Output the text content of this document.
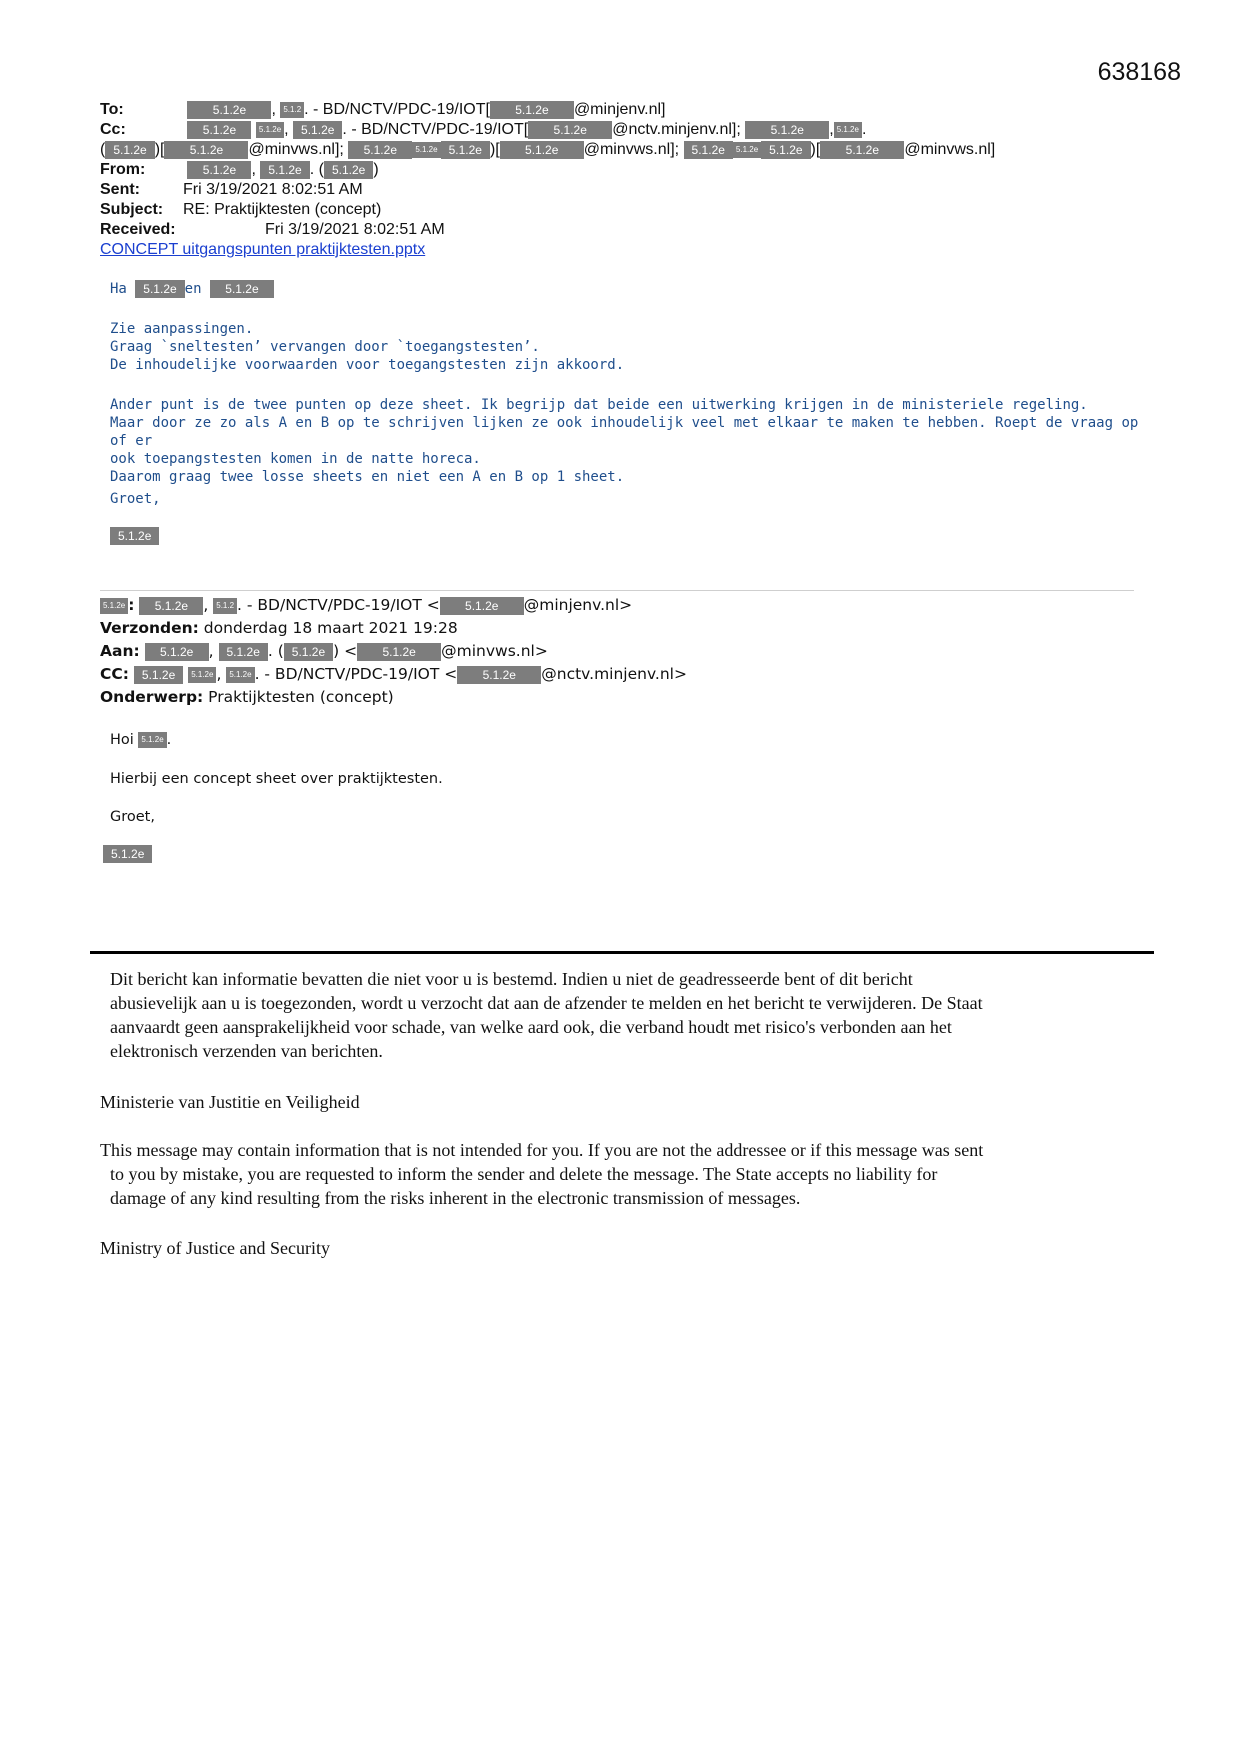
638168
To:	5.1.2e , 5.1.2 . - BD/NCTV/PDC-19/IOT[ 5.1.2e @minjenv.nl]
Cc:	5.1.2e	5.1.2e , 5.1.2e . - BD/NCTV/PDC-19/IOT[ 5.1.2e @nctv.minjenv.nl]; 5.1.2e , 5.1.2e .
( 5.1.2e )[ 5.1.2e @minvws.nl]; 5.1.2e 5.1.2e 5.1.2e )[ 5.1.2e @minvws.nl]; 5.1.2e 5.1.2e 5.1.2e )[ 5.1.2e @minvws.nl]
From:	5.1.2e , 5.1.2e . ( 5.1.2e )
Sent:	Fri 3/19/2021 8:02:51 AM
Subject: RE: Praktijktesten (concept)
Received:	Fri 3/19/2021 8:02:51 AM
CONCEPT uitgangspunten praktijktesten.pptx

Ha 5.1.2e en 5.1.2e

Zie aanpassingen.

Graag `sneltesten’ vervangen door `toegangstesten’.

De inhoudelijke voorwaarden voor toegangstesten zijn akkoord.

Ander punt is de twee punten op deze sheet. Ik begrijp dat beide een uitwerking krijgen in de ministeriele regeling.

Maar door ze zo als A en B op te schrijven lijken ze ook inhoudelijk veel met elkaar te maken te hebben. Roept de vraag op of er

ook toepangstesten komen in de natte horeca.

Daarom graag twee losse sheets en niet een A en B op 1 sheet.

Groet,

5.1.2e
5.1.2e : 5.1.2e , 5.1.2 . - BD/NCTV/PDC-19/IOT < 5.1.2e @minjenv.nl>
Verzonden: donderdag 18 maart 2021 19:28
Aan: 5.1.2e , 5.1.2e . ( 5.1.2e ) < 5.1.2e @minvws.nl>
CC: 5.1.2e 5.1.2e , 5.1.2e . - BD/NCTV/PDC-19/IOT < 5.1.2e @nctv.minjenv.nl>
Onderwerp: Praktijktesten (concept)
Hoi 5.1.2e .
Hierbij een concept sheet over praktijktesten.
Groet,
5.1.2e
Dit bericht kan informatie bevatten die niet voor u is bestemd. Indien u niet de geadresseerde bent of dit bericht
abusievelijk aan u is toegezonden, wordt u verzocht dat aan de afzender te melden en het bericht te verwijderen. De Staat
aanvaardt geen aansprakelijkheid voor schade, van welke aard ook, die verband houdt met risico's verbonden aan het
elektronisch verzenden van berichten.
Ministerie van Justitie en Veiligheid
This message may contain information that is not intended for you. If you are not the addressee or if this message was sent
to you by mistake, you are requested to inform the sender and delete the message. The State accepts no liability for
damage of any kind resulting from the risks inherent in the electronic transmission of messages.
Ministry of Justice and Security
